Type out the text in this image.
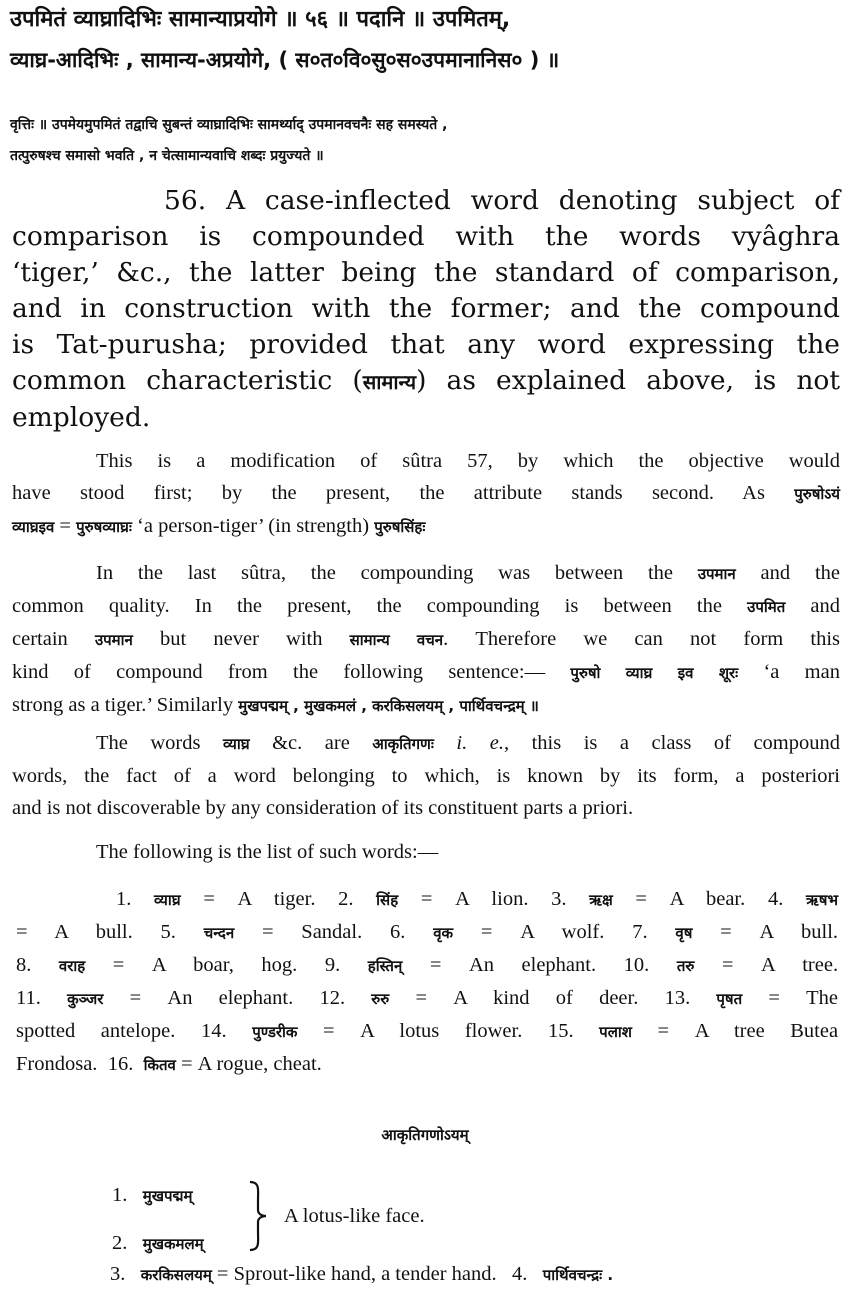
उपमितं व्याघ्रादिभिः सामान्याप्रयोगे ॥ ५६ ॥ पदानि ॥ उपमितम्,
व्याघ्र-आदिभिः , सामान्य-अप्रयोगे, ( स०त०वि०सु०स०उपमानानिस० ) ॥
वृत्तिः ॥ उपमेयमुपमितं तद्वाचि सुबन्तं व्याघ्रादिभिः सामर्थ्याद् उपमानवचनैः सह समस्यते ,
तत्पुरुषश्च समासो भवति , न चेत्सामान्यवाचि शब्दः प्रयुज्यते ॥
56. A case-inflected word denoting subject of
comparison is compounded with the words vyâghra
‘tiger,’ &c., the latter being the standard of comparison,
and in construction with the former; and the compound
is Tat-purusha; provided that any word expressing the
common characteristic (सामान्य) as explained above, is not
employed.
This is a modification of sûtra 57, by which the objective would
have stood first; by the present, the attribute stands second. As पुरुषोऽयं
व्याघ्रइव = पुरुषव्याघ्रः ‘a person-tiger’ (in strength) पुरुषसिंहः
In the last sûtra, the compounding was between the उपमान and the
common quality. In the present, the compounding is between the उपमित and
certain उपमान but never with सामान्य वचन. Therefore we can not form this
kind of compound from the following sentence:— पुरुषो व्याघ्र इव शूरः ‘a man
strong as a tiger.’ Similarly मुखपद्मम् , मुखकमलं , करकिसलयम् , पार्थिवचन्द्रम् ॥
The words व्याघ्र &c. are आकृतिगणः i. e., this is a class of compound
words, the fact of a word belonging to which, is known by its form, a posteriori
and is not discoverable by any consideration of its constituent parts a priori.
The following is the list of such words:—
1. व्याघ्र = A tiger. 2. सिंह = A lion. 3. ऋक्ष = A bear. 4. ऋषभ
= A bull. 5. चन्दन = Sandal. 6. वृक = A wolf. 7. वृष = A bull.
8. वराह = A boar, hog. 9. हस्तिन् = An elephant. 10. तरु = A tree.
11. कुञ्जर = An elephant. 12. रुरु = A kind of deer. 13. पृषत = The
spotted antelope. 14. पुण्डरीक = A lotus flower. 15. पलाश = A tree Butea
Frondosa. 16. कितव = A rogue, cheat.
आकृतिगणोऽयम्
1. मुखपद्मम्
2. मुखकमलम्
A lotus-like face.
3. करकिसलयम् = Sprout-like hand, a tender hand. 4. पार्थिवचन्द्रः .
